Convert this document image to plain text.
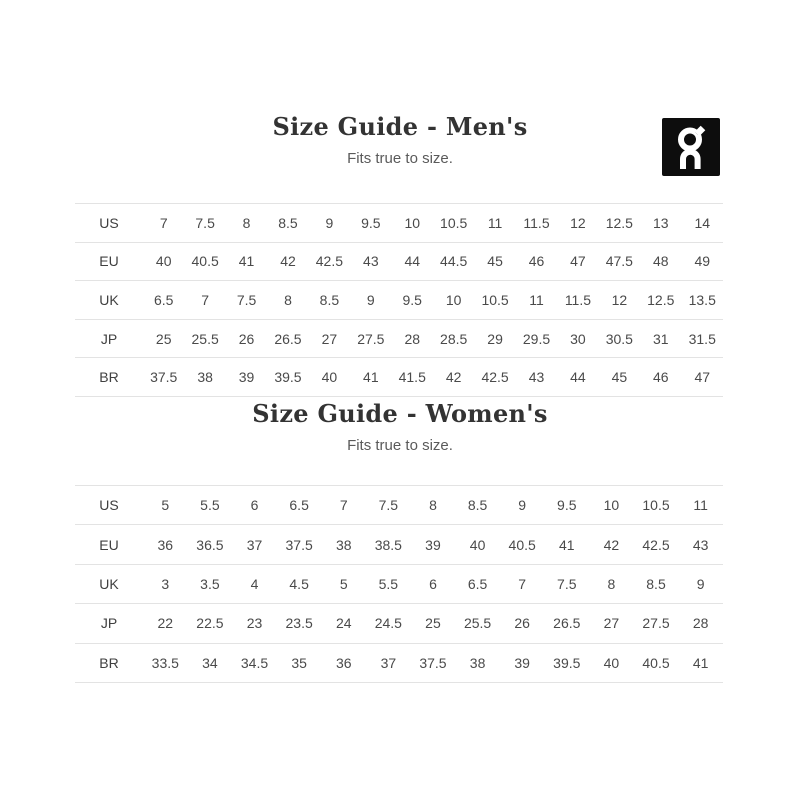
Size Guide - Men's
Fits true to size.
US	7	7.5	8	8.5	9	9.5	10	10.5	11	11.5	12	12.5	13	14
EU	40	40.5	41	42	42.5	43	44	44.5	45	46	47	47.5	48	49
UK	6.5	7	7.5	8	8.5	9	9.5	10	10.5	11	11.5	12	12.5	13.5
JP	25	25.5	26	26.5	27	27.5	28	28.5	29	29.5	30	30.5	31	31.5
BR	37.5	38	39	39.5	40	41	41.5	42	42.5	43	44	45	46	47
Size Guide - Women's
Fits true to size.
US	5	5.5	6	6.5	7	7.5	8	8.5	9	9.5	10	10.5	11
EU	36	36.5	37	37.5	38	38.5	39	40	40.5	41	42	42.5	43
UK	3	3.5	4	4.5	5	5.5	6	6.5	7	7.5	8	8.5	9
JP	22	22.5	23	23.5	24	24.5	25	25.5	26	26.5	27	27.5	28
BR	33.5	34	34.5	35	36	37	37.5	38	39	39.5	40	40.5	41
